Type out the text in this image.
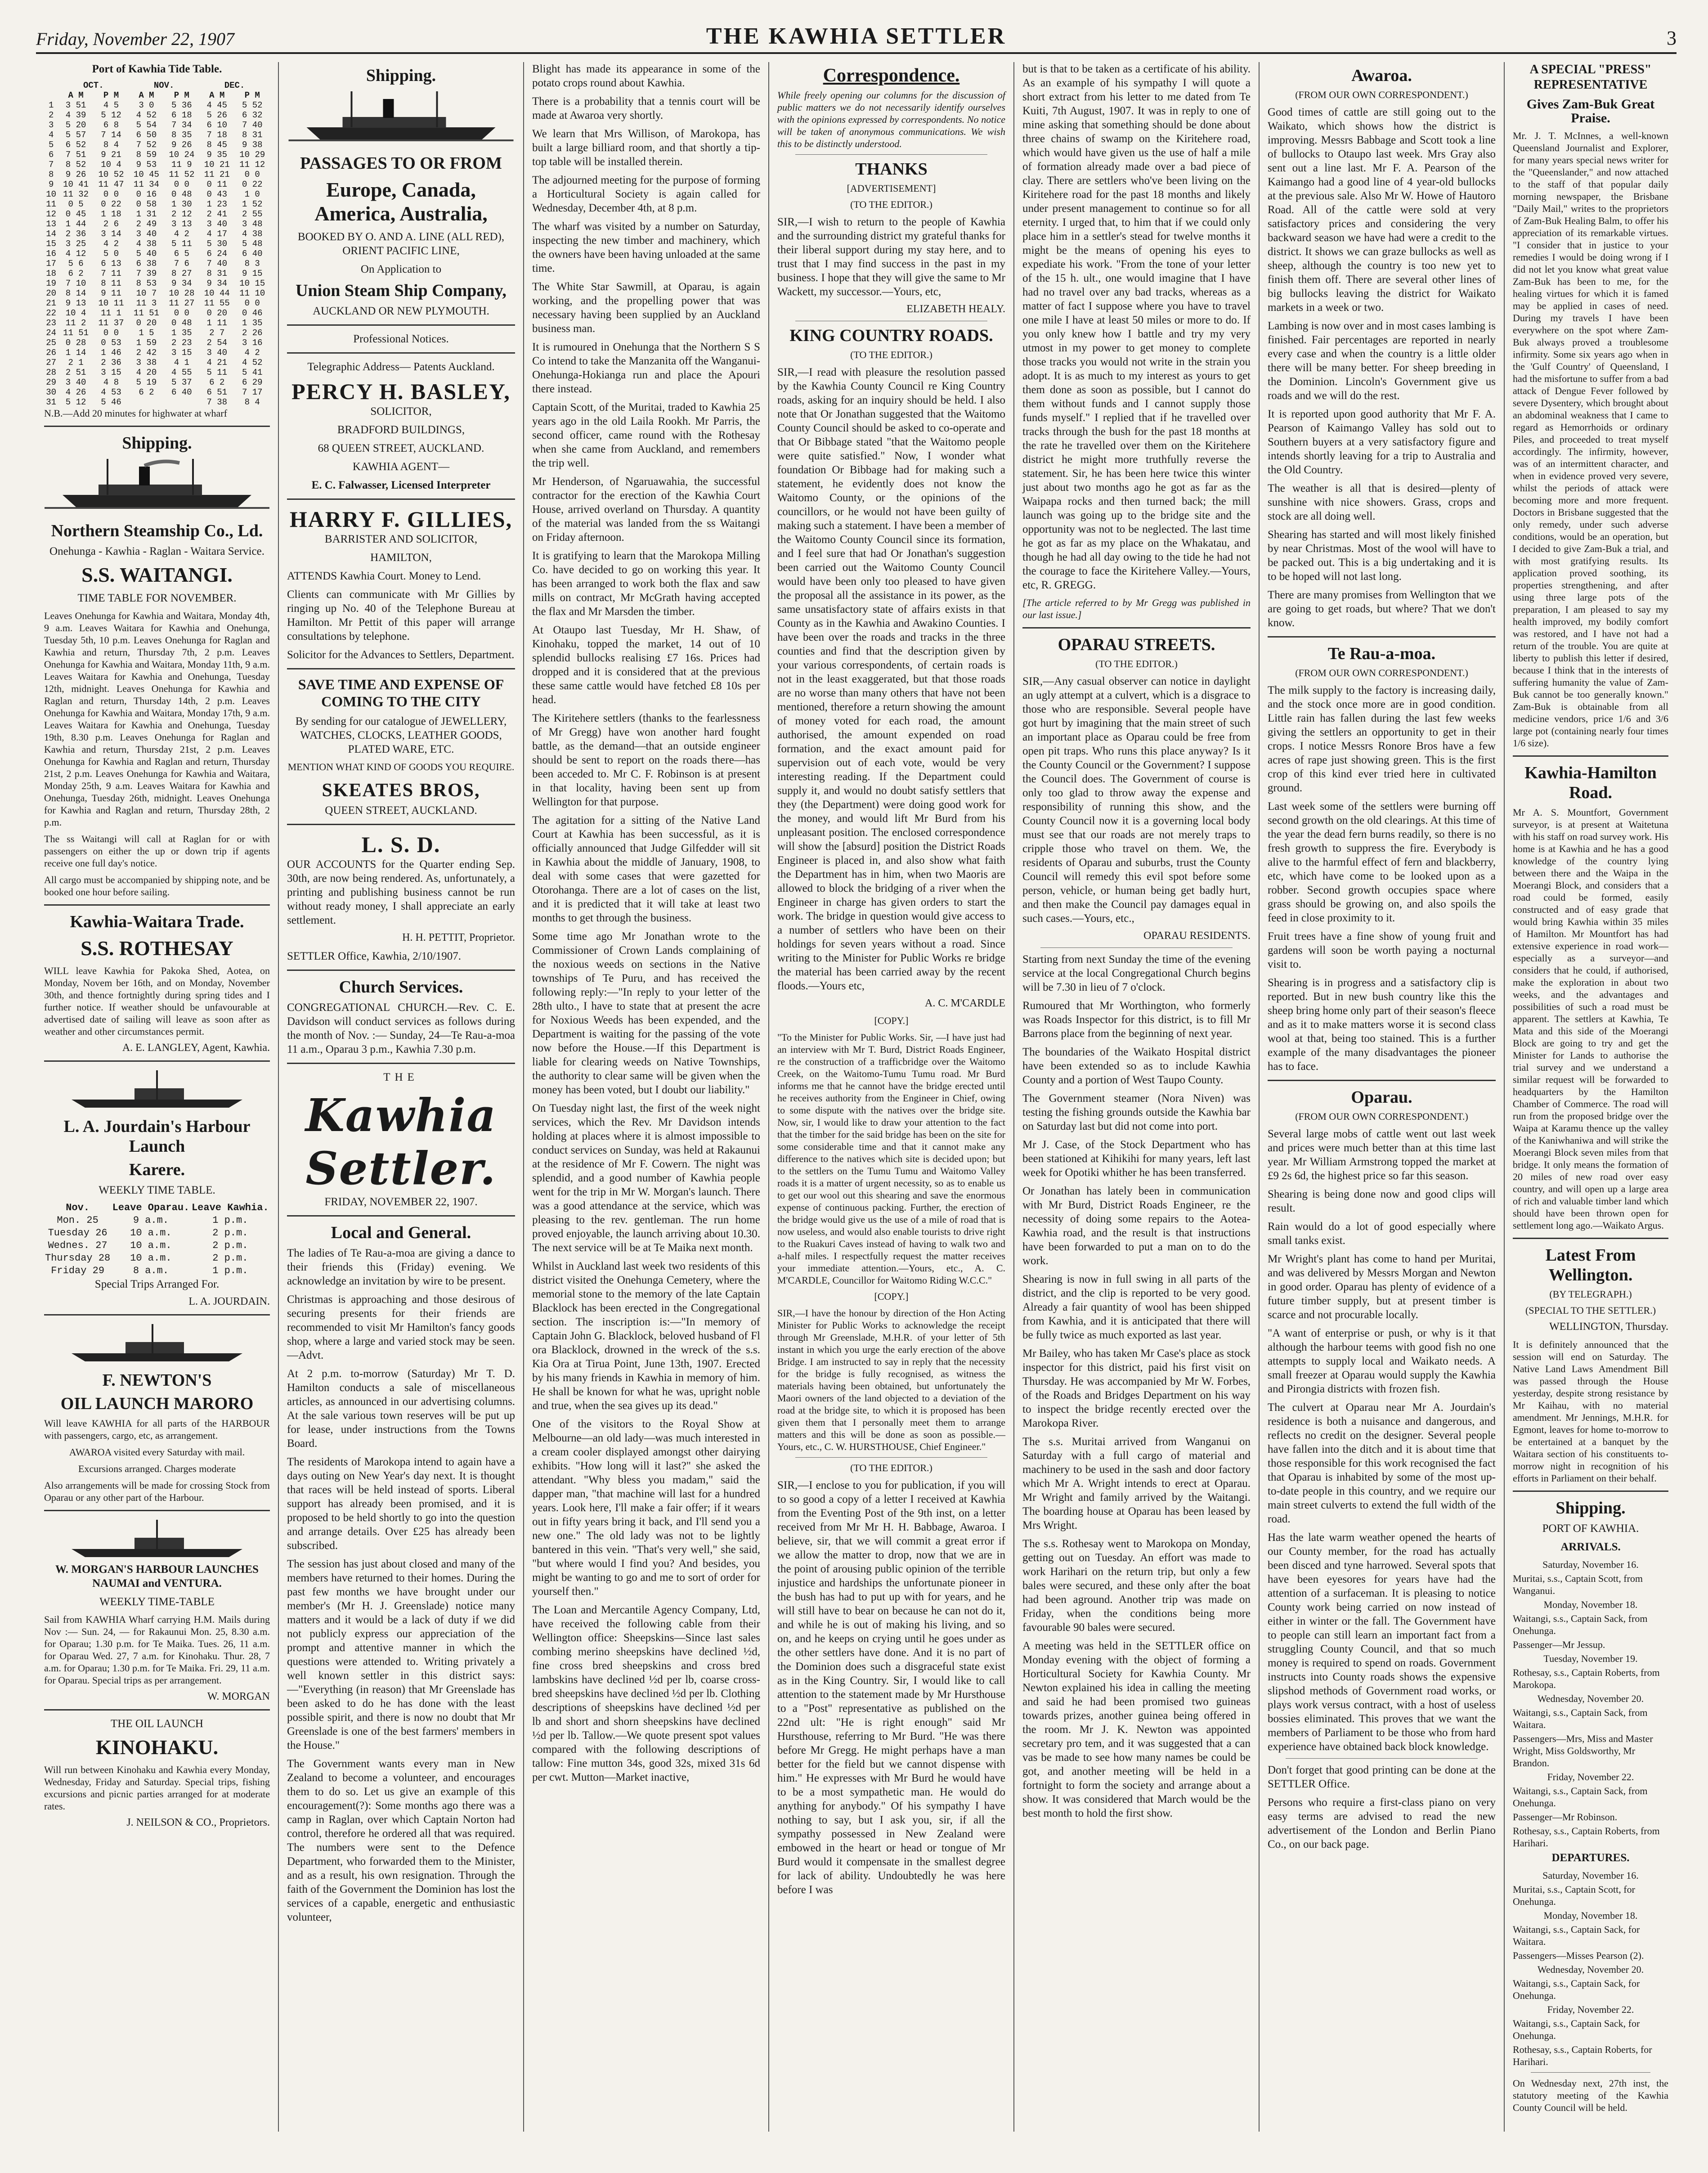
Friday, November 22, 1907	THE KAWHIA SETTLER	3
Port of Kawhia Tide Table.
	OCT.		NOV.		DEC.	
	A M	P M	A M	P M	A M	P M
1	3 51	4 5	3 0	5 36	4 45	5 52
2	4 39	5 12	4 52	6 18	5 26	6 32
3	5 20	6 8	5 54	7 34	6 10	7 40
4	5 57	7 14	6 50	8 35	7 18	8 31
5	6 52	8 4	7 52	9 26	8 45	9 38
6	7 51	9 21	8 59	10 24	9 35	10 29
7	8 52	10 4	9 53	11 9	10 21	11 12
8	9 26	10 52	10 45	11 52	11 21	0 0
9	10 41	11 47	11 34	0 0	0 11	0 22
10	11 32	0 0	0 16	0 48	0 43	1 0
11	0 5	0 22	0 58	1 30	1 23	1 52
12	0 45	1 18	1 31	2 12	2 41	2 55
13	1 44	2 6	2 49	3 13	3 40	3 48
14	2 36	3 14	3 40	4 2	4 17	4 38
15	3 25	4 2	4 38	5 11	5 30	5 48
16	4 12	5 0	5 40	6 5	6 24	6 40
17	5 6	6 13	6 38	7 6	7 40	8 3
18	6 2	7 11	7 39	8 27	8 31	9 15
19	7 10	8 11	8 53	9 34	9 34	10 15
20	8 14	9 11	10 7	10 28	10 44	11 10
21	9 13	10 11	11 3	11 27	11 55	0 0
22	10 4	11 1	11 51	0 0	0 20	0 46
23	11 2	11 37	0 20	0 48	1 11	1 35
24	11 51	0 0	1 5	1 35	2 7	2 26
25	0 28	0 53	1 59	2 23	2 54	3 16
26	1 14	1 46	2 42	3 15	3 40	4 2
27	2 1	2 36	3 38	4 1	4 21	4 52
28	2 51	3 15	4 20	4 55	5 11	5 41
29	3 40	4 8	5 19	5 37	6 2	6 29
30	4 26	4 53	6 2	6 40	6 51	7 17
31	5 12	5 46			7 38	8 4
N.B.—Add 20 minutes for highwater at wharf
Shipping.
Northern Steamship Co., Ld.
Onehunga - Kawhia - Raglan - Waitara Service.
S.S. WAITANGI.
TIME TABLE FOR NOVEMBER.

Leaves Onehunga for Kawhia and Waitara, Monday 4th, 9 a.m. Leaves Waitara for Kawhia and Onehunga, Tuesday 5th, 10 p.m. Leaves Onehunga for Raglan and Kawhia and return, Thursday 7th, 2 p.m. Leaves Onehunga for Kawhia and Waitara, Monday 11th, 9 a.m. Leaves Waitara for Kawhia and Onehunga, Tuesday 12th, midnight. Leaves Onehunga for Kawhia and Raglan and return, Thursday 14th, 2 p.m. Leaves Onehunga for Kawhia and Waitara, Monday 17th, 9 a.m. Leaves Waitara for Kawhia and Onehunga, Tuesday 19th, 8.30 p.m. Leaves Onehunga for Raglan and Kawhia and return, Thursday 21st, 2 p.m. Leaves Onehunga for Kawhia and Raglan and return, Thursday 21st, 2 p.m. Leaves Onehunga for Kawhia and Waitara, Monday 25th, 9 a.m. Leaves Waitara for Kawhia and Onehunga, Tuesday 26th, midnight. Leaves Onehunga for Kawhia and Raglan and return, Thursday 28th, 2 p.m.

The ss Waitangi will call at Raglan for or with passengers on either the up or down trip if agents receive one full day's notice.

All cargo must be accompanied by shipping note, and be booked one hour before sailing.

Kawhia-Waitara Trade.
S.S. ROTHESAY

WILL leave Kawhia for Pakoka Shed, Aotea, on Monday, Novem ber 16th, and on Monday, November 30th, and thence fortnightly during spring tides and I further notice. If weather should be unfavourable at advertised date of sailing will leave as soon after as weather and other circumstances permit.

A. E. LANGLEY, Agent, Kawhia.
L. A. Jourdain's Harbour Launch
Karere.
WEEKLY TIME TABLE.
Nov.	Leave Oparau.	Leave Kawhia.
Mon. 25	9 a.m.	1 p.m.
Tuesday 26	10 a.m.	2 p.m.
Wednes. 27	10 a.m.	2 p.m.
Thursday 28	10 a.m.	2 p.m.
Friday 29	8 a.m.	1 p.m.
Special Trips Arranged For.
L. A. JOURDAIN.
F. NEWTON'S
OIL LAUNCH MARORO

Will leave KAWHIA for all parts of the HARBOUR with passengers, cargo, etc, as arrangement.

AWAROA visited every Saturday with mail.

Excursions arranged. Charges moderate

Also arrangements will be made for crossing Stock from Oparau or any other part of the Harbour.

W. MORGAN'S HARBOUR LAUNCHES NAUMAI and VENTURA.
WEEKLY TIME-TABLE

Sail from KAWHIA Wharf carrying H.M. Mails during Nov :— Sun. 24, — for Rakaunui Mon. 25, 8.30 a.m. for Oparau; 1.30 p.m. for Te Maika. Tues. 26, 11 a.m. for Oparau Wed. 27, 7 a.m. for Kinohaku. Thur. 28, 7 a.m. for Oparau; 1.30 p.m. for Te Maika. Fri. 29, 11 a.m. for Oparau. Special trips as per arrangement.

W. MORGAN
THE OIL LAUNCH
KINOHAKU.

Will run between Kinohaku and Kawhia every Monday, Wednesday, Friday and Saturday. Special trips, fishing excursions and picnic parties arranged for at moderate rates.

J. NEILSON & CO., Proprietors.
Shipping.
PASSAGES TO OR FROM
Europe, Canada, America, Australia,
BOOKED BY O. AND A. LINE (ALL RED), ORIENT PACIFIC LINE,
On Application to
Union Steam Ship Company,
AUCKLAND OR NEW PLYMOUTH.
Professional Notices.
Telegraphic Address— Patents Auckland.
PERCY H. BASLEY,
SOLICITOR,
BRADFORD BUILDINGS,
68 QUEEN STREET, AUCKLAND.
KAWHIA AGENT—
E. C. Falwasser, Licensed Interpreter
HARRY F. GILLIES,
BARRISTER AND SOLICITOR,
HAMILTON,

ATTENDS Kawhia Court. Money to Lend.

Clients can communicate with Mr Gillies by ringing up No. 40 of the Telephone Bureau at Hamilton. Mr Pettit of this paper will arrange consultations by telephone.

Solicitor for the Advances to Settlers, Department.

SAVE TIME AND EXPENSE OF COMING TO THE CITY

By sending for our catalogue of JEWELLERY, WATCHES, CLOCKS, LEATHER GOODS, PLATED WARE, ETC.

MENTION WHAT KIND OF GOODS YOU REQUIRE.
SKEATES BROS,
QUEEN STREET, AUCKLAND.
L. S. D.

OUR ACCOUNTS for the Quarter ending Sep. 30th, are now being rendered. As, unfortunately, a printing and publishing business cannot be run without ready money, I shall appreciate an early settlement.

H. H. PETTIT, Proprietor.
SETTLER Office, Kawhia, 2/10/1907.
Church Services.

CONGREGATIONAL CHURCH.—Rev. C. E. Davidson will conduct services as follows during the month of Nov. :— Sunday, 24—Te Rau-a-moa 11 a.m., Oparau 3 p.m., Kawhia 7.30 p.m.

THE
Kawhia Settler.
FRIDAY, NOVEMBER 22, 1907.
Local and General.

The ladies of Te Rau-a-moa are giving a dance to their friends this (Friday) evening. We acknowledge an invitation by wire to be present.

Christmas is approaching and those desirous of securing presents for their friends are recommended to visit Mr Hamilton's fancy goods shop, where a large and varied stock may be seen.—Advt.

At 2 p.m. to-morrow (Saturday) Mr T. D. Hamilton conducts a sale of miscellaneous articles, as announced in our advertising columns. At the sale various town reserves will be put up for lease, under instructions from the Towns Board.

The residents of Marokopa intend to again have a days outing on New Year's day next. It is thought that races will be held instead of sports. Liberal support has already been promised, and it is proposed to be held shortly to go into the question and arrange details. Over £25 has already been subscribed.

The session has just about closed and many of the members have returned to their homes. During the past few months we have brought under our member's (Mr H. J. Greenslade) notice many matters and it would be a lack of duty if we did not publicly express our appreciation of the prompt and attentive manner in which the questions were attended to. Writing privately a well known settler in this district says:—"Everything (in reason) that Mr Greenslade has been asked to do he has done with the least possible spirit, and there is now no doubt that Mr Greenslade is one of the best farmers' members in the House."

The Government wants every man in New Zealand to become a volunteer, and encourages them to do so. Let us give an example of this encouragement(?): Some months ago there was a camp in Raglan, over which Captain Norton had control, therefore he ordered all that was required. The numbers were sent to the Defence Department, who forwarded them to the Minister, and as a result, his own resignation. Through the faith of the Government the Dominion has lost the services of a capable, energetic and enthusiastic volunteer,

Blight has made its appearance in some of the potato crops round about Kawhia.

There is a probability that a tennis court will be made at Awaroa very shortly.

We learn that Mrs Willison, of Marokopa, has built a large billiard room, and that shortly a tip-top table will be installed therein.

The adjourned meeting for the purpose of forming a Horticultural Society is again called for Wednesday, December 4th, at 8 p.m.

The wharf was visited by a number on Saturday, inspecting the new timber and machinery, which the owners have been having unloaded at the same time.

The White Star Sawmill, at Oparau, is again working, and the propelling power that was necessary having been supplied by an Auckland business man.

It is rumoured in Onehunga that the Northern S S Co intend to take the Manzanita off the Wanganui-Onehunga-Hokianga run and place the Apouri there instead.

Captain Scott, of the Muritai, traded to Kawhia 25 years ago in the old Laila Rookh. Mr Parris, the second officer, came round with the Rothesay when she came from Auckland, and remembers the trip well.

Mr Henderson, of Ngaruawahia, the successful contractor for the erection of the Kawhia Court House, arrived overland on Thursday. A quantity of the material was landed from the ss Waitangi on Friday afternoon.

It is gratifying to learn that the Marokopa Milling Co. have decided to go on working this year. It has been arranged to work both the flax and saw mills on contract, Mr McGrath having accepted the flax and Mr Marsden the timber.

At Otaupo last Tuesday, Mr H. Shaw, of Kinohaku, topped the market, 14 out of 10 splendid bullocks realising £7 16s. Prices had dropped and it is considered that at the previous these same cattle would have fetched £8 10s per head.

The Kiritehere settlers (thanks to the fearlessness of Mr Gregg) have won another hard fought battle, as the demand—that an outside engineer should be sent to report on the roads there—has been acceded to. Mr C. F. Robinson is at present in that locality, having been sent up from Wellington for that purpose.

The agitation for a sitting of the Native Land Court at Kawhia has been successful, as it is officially announced that Judge Gilfedder will sit in Kawhia about the middle of January, 1908, to deal with some cases that were gazetted for Otorohanga. There are a lot of cases on the list, and it is predicted that it will take at least two months to get through the business.

Some time ago Mr Jonathan wrote to the Commissioner of Crown Lands complaining of the noxious weeds on sections in the Native townships of Te Puru, and has received the following reply:—"In reply to your letter of the 28th ulto., I have to state that at present the acre for Noxious Weeds has been expended, and the Department is waiting for the passing of the vote now before the House.—If this Department is liable for clearing weeds on Native Townships, the authority to clear same will be given when the money has been voted, but I doubt our liability."

On Tuesday night last, the first of the week night services, which the Rev. Mr Davidson intends holding at places where it is almost impossible to conduct services on Sunday, was held at Rakaunui at the residence of Mr F. Cowern. The night was splendid, and a good number of Kawhia people went for the trip in Mr W. Morgan's launch. There was a good attendance at the service, which was pleasing to the rev. gentleman. The run home proved enjoyable, the launch arriving about 10.30. The next service will be at Te Maika next month.

Whilst in Auckland last week two residents of this district visited the Onehunga Cemetery, where the memorial stone to the memory of the late Captain Blacklock has been erected in the Congregational section. The inscription is:—"In memory of Captain John G. Blacklock, beloved husband of Fl ora Blacklock, drowned in the wreck of the s.s. Kia Ora at Tirua Point, June 13th, 1907. Erected by his many friends in Kawhia in memory of him. He shall be known for what he was, upright noble and true, when the sea gives up its dead."

One of the visitors to the Royal Show at Melbourne—an old lady—was much interested in a cream cooler displayed amongst other dairying exhibits. "How long will it last?" she asked the attendant. "Why bless you madam," said the dapper man, "that machine will last for a hundred years. Look here, I'll make a fair offer; if it wears out in fifty years bring it back, and I'll send you a new one." The old lady was not to be lightly bantered in this vein. "That's very well," she said, "but where would I find you? And besides, you might be wanting to go and me to sort of order for yourself then."

The Loan and Mercantile Agency Company, Ltd, have received the following cable from their Wellington office: Sheepskins—Since last sales combing merino sheepskins have declined ½d, fine cross bred sheepskins and cross bred lambskins have declined ½d per lb, coarse cross-bred sheepskins have declined ½d per lb. Clothing descriptions of sheepskins have declined ½d per lb and short and shorn sheepskins have declined ½d per lb. Tallow.—We quote present spot values compared with the following descriptions of tallow: Fine mutton 34s, good 32s, mixed 31s 6d per cwt. Mutton—Market inactive,

Correspondence.

While freely opening our columns for the discussion of public matters we do not necessarily identify ourselves with the opinions expressed by correspondents. No notice will be taken of anonymous communications. We wish this to be distinctly understood.

THANKS
[ADVERTISEMENT]
(TO THE EDITOR.)

SIR,—I wish to return to the people of Kawhia and the surrounding district my grateful thanks for their liberal support during my stay here, and to trust that I may find success in the past in my business. I hope that they will give the same to Mr Wackett, my successor.—Yours, etc,

ELIZABETH HEALY.
KING COUNTRY ROADS.
(TO THE EDITOR.)

SIR,—I read with pleasure the resolution passed by the Kawhia County Council re King Country roads, asking for an inquiry should be held. I also note that Or Jonathan suggested that the Waitomo County Council should be asked to co-operate and that Or Bibbage stated "that the Waitomo people were quite satisfied." Now, I wonder what foundation Or Bibbage had for making such a statement, he evidently does not know the Waitomo County, or the opinions of the councillors, or he would not have been guilty of making such a statement. I have been a member of the Waitomo County Council since its formation, and I feel sure that had Or Jonathan's suggestion been carried out the Waitomo County Council would have been only too pleased to have given the proposal all the assistance in its power, as the same unsatisfactory state of affairs exists in that County as in the Kawhia and Awakino Counties. I have been over the roads and tracks in the three counties and find that the description given by your various correspondents, of certain roads is not in the least exaggerated, but that those roads are no worse than many others that have not been mentioned, therefore a return showing the amount of money voted for each road, the amount authorised, the amount expended on road formation, and the exact amount paid for supervision out of each vote, would be very interesting reading. If the Department could supply it, and would no doubt satisfy settlers that they (the Department) were doing good work for the money, and would lift Mr Burd from his unpleasant position. The enclosed correspondence will show the [absurd] position the District Roads Engineer is placed in, and also show what faith the Department has in him, when two Maoris are allowed to block the bridging of a river when the Engineer in charge has given orders to start the work. The bridge in question would give access to a number of settlers who have been on their holdings for seven years without a road. Since writing to the Minister for Public Works re bridge the material has been carried away by the recent floods.—Yours etc,

A. C. M'CARDLE
[COPY.]

"To the Minister for Public Works. Sir, —I have just had an interview with Mr T. Burd, District Roads Engineer, re the construction of a trafficbridge over the Waitomo Creek, on the Waitomo-Tumu Tumu road. Mr Burd informs me that he cannot have the bridge erected until he receives authority from the Engineer in Chief, owing to some dispute with the natives over the bridge site. Now, sir, I would like to draw your attention to the fact that the timber for the said bridge has been on the site for some considerable time and that it cannot make any difference to the natives which site is decided upon; but to the settlers on the Tumu Tumu and Waitomo Valley roads it is a matter of urgent necessity, so as to enable us to get our wool out this shearing and save the enormous expense of continuous packing. Further, the erection of the bridge would give us the use of a mile of road that is now useless, and would also enable tourists to drive right to the Ruakuri Caves instead of having to walk two and a-half miles. I respectfully request the matter receives your immediate attention.—Yours, etc., A. C. M'CARDLE, Councillor for Waitomo Riding W.C.C."

[COPY.]

SIR,—I have the honour by direction of the Hon Acting Minister for Public Works to acknowledge the receipt through Mr Greenslade, M.H.R. of your letter of 5th instant in which you urge the early erection of the above Bridge. I am instructed to say in reply that the necessity for the bridge is fully recognised, as witness the materials having been obtained, but unfortunately the Maori owners of the land objected to a deviation of the road at the bridge site, to which it is proposed has been given them that I personally meet them to arrange matters and this will be done as soon as possible.—Yours, etc., C. W. HURSTHOUSE, Chief Engineer."

(TO THE EDITOR.)

SIR,—I enclose to you for publication, if you will to so good a copy of a letter I received at Kawhia from the Eventing Post of the 9th inst, on a letter received from Mr Mr H. H. Babbage, Awaroa. I believe, sir, that we will commit a great error if we allow the matter to drop, now that we are in the point of arousing public opinion of the terrible injustice and hardships the unfortunate pioneer in the bush has had to put up with for years, and he will still have to bear on because he can not do it, and while he is out of making his living, and so on, and he keeps on crying until he goes under as the other settlers have done. And it is no part of the Dominion does such a disgraceful state exist as in the King Country. Sir, I would like to call attention to the statement made by Mr Hursthouse to a "Post" representative as published on the 22nd ult: "He is right enough" said Mr Hursthouse, referring to Mr Burd. "He was there before Mr Gregg. He might perhaps have a man better for the field but we cannot dispense with him." He expresses with Mr Burd he would have to be a most sympathetic man. He would do anything for anybody." Of his sympathy I have nothing to say, but I ask you, sir, if all the sympathy possessed in New Zealand were embowed in the heart or head or tongue of Mr Burd would it compensate in the smallest degree for lack of ability. Undoubtedly he was here before I was

but is that to be taken as a certificate of his ability. As an example of his sympathy I will quote a short extract from his letter to me dated from Te Kuiti, 7th August, 1907. It was in reply to one of mine asking that something should be done about three chains of swamp on the Kiritehere road, which would have given us the use of half a mile of formation already made over a bad piece of clay. There are settlers who've been living on the Kiritehere road for the past 18 months and likely under present management to continue so for all eternity. I urged that, to him that if we could only place him in a settler's stead for twelve months it might be the means of opening his eyes to expediate his work. "From the tone of your letter of the 15 h. ult., one would imagine that I have had no travel over any bad tracks, whereas as a matter of fact I suppose where you have to travel one mile I have at least 50 miles or more to do. If you only knew how I battle and try my very utmost in my power to get money to complete those tracks you would not write in the strain you adopt. It is as much to my interest as yours to get them done as soon as possible, but I cannot do them without funds and I cannot supply those funds myself." I replied that if he travelled over tracks through the bush for the past 18 months at the rate he travelled over them on the Kiritehere district he might more truthfully reverse the statement. Sir, he has been here twice this winter just about two months ago he got as far as the Waipapa rocks and then turned back; the mill launch was going up to the bridge site and the opportunity was not to be neglected. The last time he got as far as my place on the Whakatau, and though he had all day owing to the tide he had not the courage to face the Kiritehere Valley.—Yours, etc, R. GREGG.

[The article referred to by Mr Gregg was published in our last issue.]

OPARAU STREETS.
(TO THE EDITOR.)

SIR,—Any casual observer can notice in daylight an ugly attempt at a culvert, which is a disgrace to those who are responsible. Several people have got hurt by imagining that the main street of such an important place as Oparau could be free from open pit traps. Who runs this place anyway? Is it the County Council or the Government? I suppose the Council does. The Government of course is only too glad to throw away the expense and responsibility of running this show, and the County Council now it is a governing local body must see that our roads are not merely traps to cripple those who travel on them. We, the residents of Oparau and suburbs, trust the County Council will remedy this evil spot before some person, vehicle, or human being get badly hurt, and then make the Council pay damages equal in such cases.—Yours, etc.,

OPARAU RESIDENTS.

Starting from next Sunday the time of the evening service at the local Congregational Church begins will be 7.30 in lieu of 7 o'clock.

Rumoured that Mr Worthington, who formerly was Roads Inspector for this district, is to fill Mr Barrons place from the beginning of next year.

The boundaries of the Waikato Hospital district have been extended so as to include Kawhia County and a portion of West Taupo County.

The Government steamer (Nora Niven) was testing the fishing grounds outside the Kawhia bar on Saturday last but did not come into port.

Mr J. Case, of the Stock Department who has been stationed at Kihikihi for many years, left last week for Opotiki whither he has been transferred.

Or Jonathan has lately been in communication with Mr Burd, District Roads Engineer, re the necessity of doing some repairs to the Aotea-Kawhia road, and the result is that instructions have been forwarded to put a man on to do the work.

Shearing is now in full swing in all parts of the district, and the clip is reported to be very good. Already a fair quantity of wool has been shipped from Kawhia, and it is anticipated that there will be fully twice as much exported as last year.

Mr Bailey, who has taken Mr Case's place as stock inspector for this district, paid his first visit on Thursday. He was accompanied by Mr W. Forbes, of the Roads and Bridges Department on his way to inspect the bridge recently erected over the Marokopa River.

The s.s. Muritai arrived from Wanganui on Saturday with a full cargo of material and machinery to be used in the sash and door factory which Mr A. Wright intends to erect at Oparau. Mr Wright and family arrived by the Waitangi. The boarding house at Oparau has been leased by Mrs Wright.

The s.s. Rothesay went to Marokopa on Monday, getting out on Tuesday. An effort was made to work Harihari on the return trip, but only a few bales were secured, and these only after the boat had been aground. Another trip was made on Friday, when the conditions being more favourable 90 bales were secured.

A meeting was held in the SETTLER office on Monday evening with the object of forming a Horticultural Society for Kawhia County. Mr Newton explained his idea in calling the meeting and said he had been promised two guineas towards prizes, another guinea being offered in the room. Mr J. K. Newton was appointed secretary pro tem, and it was suggested that a can vas be made to see how many names be could be got, and another meeting will be held in a fortnight to form the society and arrange about a show. It was considered that March would be the best month to hold the first show.

Awaroa.
(FROM OUR OWN CORRESPONDENT.)

Good times of cattle are still going out to the Waikato, which shows how the district is improving. Messrs Babbage and Scott took a line of bullocks to Otaupo last week. Mrs Gray also sent out a line last. Mr F. A. Pearson of the Kaimango had a good line of 4 year-old bullocks at the previous sale. Also Mr W. Howe of Hautoro Road. All of the cattle were sold at very satisfactory prices and considering the very backward season we have had were a credit to the district. It shows we can graze bullocks as well as sheep, although the country is too new yet to finish them off. There are several other lines of big bullocks leaving the district for Waikato markets in a week or two.

Lambing is now over and in most cases lambing is finished. Fair percentages are reported in nearly every case and when the country is a little older there will be many better. For sheep breeding in the Dominion. Lincoln's Government give us roads and we will do the rest.

It is reported upon good authority that Mr F. A. Pearson of Kaimango Valley has sold out to Southern buyers at a very satisfactory figure and intends shortly leaving for a trip to Australia and the Old Country.

The weather is all that is desired—plenty of sunshine with nice showers. Grass, crops and stock are all doing well.

Shearing has started and will most likely finished by near Christmas. Most of the wool will have to be packed out. This is a big undertaking and it is to be hoped will not last long.

There are many promises from Wellington that we are going to get roads, but where? That we don't know.

Te Rau-a-moa.
(FROM OUR OWN CORRESPONDENT.)

The milk supply to the factory is increasing daily, and the stock once more are in good condition. Little rain has fallen during the last few weeks giving the settlers an opportunity to get in their crops. I notice Messrs Ronore Bros have a few acres of rape just showing green. This is the first crop of this kind ever tried here in cultivated ground.

Last week some of the settlers were burning off second growth on the old clearings. At this time of the year the dead fern burns readily, so there is no fresh growth to suppress the fire. Everybody is alive to the harmful effect of fern and blackberry, etc, which have come to be looked upon as a robber. Second growth occupies space where grass should be growing on, and also spoils the feed in close proximity to it.

Fruit trees have a fine show of young fruit and gardens will soon be worth paying a nocturnal visit to.

Shearing is in progress and a satisfactory clip is reported. But in new bush country like this the sheep bring home only part of their season's fleece and as it to make matters worse it is second class wool at that, being too stained. This is a further example of the many disadvantages the pioneer has to face.

Oparau.
(FROM OUR OWN CORRESPONDENT.)

Several large mobs of cattle went out last week and prices were much better than at this time last year. Mr William Armstrong topped the market at £9 2s 6d, the highest price so far this season.

Shearing is being done now and good clips will result.

Rain would do a lot of good especially where small tanks exist.

Mr Wright's plant has come to hand per Muritai, and was delivered by Messrs Morgan and Newton in good order. Oparau has plenty of evidence of a future timber supply, but at present timber is scarce and not procurable locally.

"A want of enterprise or push, or why is it that although the harbour teems with good fish no one attempts to supply local and Waikato needs. A small freezer at Oparau would supply the Kawhia and Pirongia districts with frozen fish.

The culvert at Oparau near Mr A. Jourdain's residence is both a nuisance and dangerous, and reflects no credit on the designer. Several people have fallen into the ditch and it is about time that those responsible for this work recognised the fact that Oparau is inhabited by some of the most up-to-date people in this country, and we require our main street culverts to extend the full width of the road.

Has the late warm weather opened the hearts of our County member, for the road has actually been disced and tyne harrowed. Several spots that have been eyesores for years have had the attention of a surfaceman. It is pleasing to notice County work being carried on now instead of either in winter or the fall. The Government have to people can still learn an important fact from a struggling County Council, and that so much money is required to spend on roads. Government instructs into County roads shows the expensive slipshod methods of Government road works, or plays work versus contract, with a host of useless bossies eliminated. This proves that we want the members of Parliament to be those who from hard experience have obtained back block knowledge.

Don't forget that good printing can be done at the SETTLER Office.

Persons who require a first-class piano on very easy terms are advised to read the new advertisement of the London and Berlin Piano Co., on our back page.

A SPECIAL "PRESS" REPRESENTATIVE
Gives Zam-Buk Great Praise.

Mr. J. T. McInnes, a well-known Queensland Journalist and Explorer, for many years special news writer for the "Queenslander," and now attached to the staff of that popular daily morning newspaper, the Brisbane "Daily Mail," writes to the proprietors of Zam-Buk Healing Balm, to offer his appreciation of its remarkable virtues. "I consider that in justice to your remedies I would be doing wrong if I did not let you know what great value Zam-Buk has been to me, for the healing virtues for which it is famed may be applied in cases of need. During my travels I have been everywhere on the spot where Zam-Buk always proved a troublesome infirmity. Some six years ago when in the 'Gulf Country' of Queensland, I had the misfortune to suffer from a bad attack of Dengue Fever followed by severe Dysentery, which brought about an abdominal weakness that I came to regard as Hemorrhoids or ordinary Piles, and proceeded to treat myself accordingly. The infirmity, however, was of an intermittent character, and when in evidence proved very severe, whilst the periods of attack were becoming more and more frequent. Doctors in Brisbane suggested that the only remedy, under such adverse conditions, would be an operation, but I decided to give Zam-Buk a trial, and with most gratifying results. Its application proved soothing, its properties strengthening, and after using three large pots of the preparation, I am pleased to say my health improved, my bodily comfort was restored, and I have not had a return of the trouble. You are quite at liberty to publish this letter if desired, because I think that in the interests of suffering humanity the value of Zam-Buk cannot be too generally known." Zam-Buk is obtainable from all medicine vendors, price 1/6 and 3/6 large pot (containing nearly four times 1/6 size).

Kawhia-Hamilton Road.

Mr A. S. Mountfort, Government surveyor, is at present at Waitetuna with his staff on road survey work. His home is at Kawhia and he has a good knowledge of the country lying between there and the Waipa in the Moerangi Block, and considers that a road could be formed, easily constructed and of easy grade that would bring Kawhia within 35 miles of Hamilton. Mr Mountfort has had extensive experience in road work—especially as a surveyor—and considers that he could, if authorised, make the exploration in about two weeks, and the advantages and possibilities of such a road must be apparent. The settlers at Kawhia, Te Mata and this side of the Moerangi Block are going to try and get the Minister for Lands to authorise the trial survey and we understand a similar request will be forwarded to headquarters by the Hamilton Chamber of Commerce. The road will run from the proposed bridge over the Waipa at Karamu thence up the valley of the Kaniwhaniwa and will strike the Moerangi Block seven miles from that bridge. It only means the formation of 20 miles of new road over easy country, and will open up a large area of rich and valuable timber land which should have been thrown open for settlement long ago.—Waikato Argus.

Latest From Wellington.
(BY TELEGRAPH.)
(SPECIAL TO THE SETTLER.)
WELLINGTON, Thursday.

It is definitely announced that the session will end on Saturday. The Native Land Laws Amendment Bill was passed through the House yesterday, despite strong resistance by Mr Kaihau, with no material amendment. Mr Jennings, M.H.R. for Egmont, leaves for home to-morrow to be entertained at a banquet by the Waitara section of his constituents to-morrow night in recognition of his efforts in Parliament on their behalf.

Shipping.
PORT OF KAWHIA.
ARRIVALS.
Saturday, November 16.
Muritai, s.s., Captain Scott, from Wanganui.
Monday, November 18.
Waitangi, s.s., Captain Sack, from Onehunga.
Passenger—Mr Jessup.
Tuesday, November 19.
Rothesay, s.s., Captain Roberts, from Marokopa.
Wednesday, November 20.
Waitangi, s.s., Captain Sack, from Waitara.
Passengers—Mrs, Miss and Master Wright, Miss Goldsworthy, Mr Brandon.
Friday, November 22.
Waitangi, s.s., Captain Sack, from Onehunga.
Passenger—Mr Robinson.
Rothesay, s.s., Captain Roberts, from Harihari.
DEPARTURES.
Saturday, November 16.
Muritai, s.s., Captain Scott, for Onehunga.
Monday, November 18.
Waitangi, s.s., Captain Sack, for Waitara.
Passengers—Misses Pearson (2).
Wednesday, November 20.
Waitangi, s.s., Captain Sack, for Onehunga.
Friday, November 22.
Waitangi, s.s., Captain Sack, for Onehunga.
Rothesay, s.s., Captain Roberts, for Harihari.

On Wednesday next, 27th inst, the statutory meeting of the Kawhia County Council will be held.
